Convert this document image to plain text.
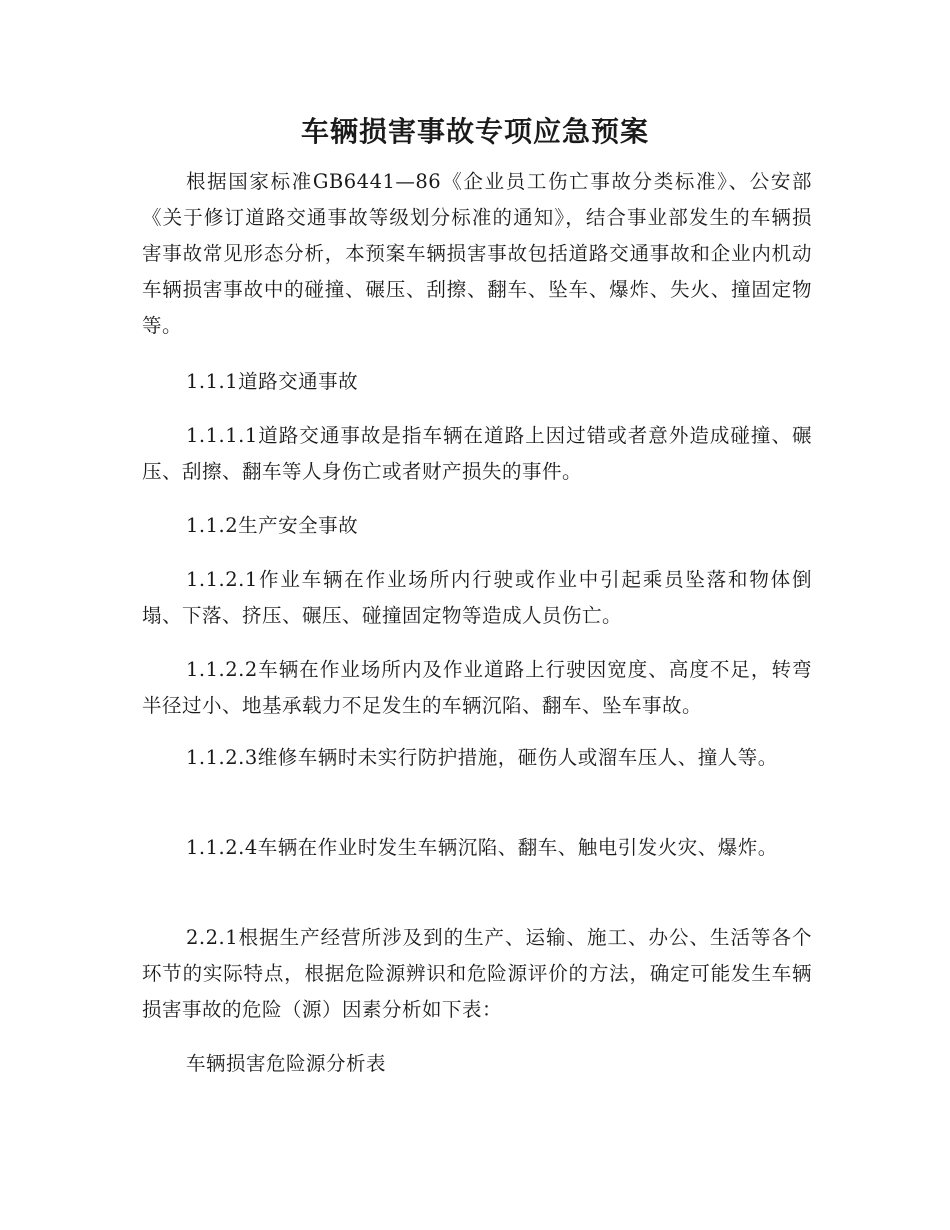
车辆损害事故专项应急预案

根据国家标准GB6441—86《企业员工伤亡事故分类标准》、公安部《关于修订道路交通事故等级划分标准的通知》，结合事业部发生的车辆损害事故常见形态分析，本预案车辆损害事故包括道路交通事故和企业内机动车辆损害事故中的碰撞、碾压、刮擦、翻车、坠车、爆炸、失火、撞固定物等。

1.1.1道路交通事故

1.1.1.1道路交通事故是指车辆在道路上因过错或者意外造成碰撞、碾压、刮擦、翻车等人身伤亡或者财产损失的事件。

1.1.2生产安全事故

1.1.2.1作业车辆在作业场所内行驶或作业中引起乘员坠落和物体倒塌、下落、挤压、碾压、碰撞固定物等造成人员伤亡。

1.1.2.2车辆在作业场所内及作业道路上行驶因宽度、高度不足，转弯半径过小、地基承载力不足发生的车辆沉陷、翻车、坠车事故。

1.1.2.3维修车辆时未实行防护措施，砸伤人或溜车压人、撞人等。

1.1.2.4车辆在作业时发生车辆沉陷、翻车、触电引发火灾、爆炸。

2.2.1根据生产经营所涉及到的生产、运输、施工、办公、生活等各个环节的实际特点，根据危险源辨识和危险源评价的方法，确定可能发生车辆损害事故的危险（源）因素分析如下表：

车辆损害危险源分析表
